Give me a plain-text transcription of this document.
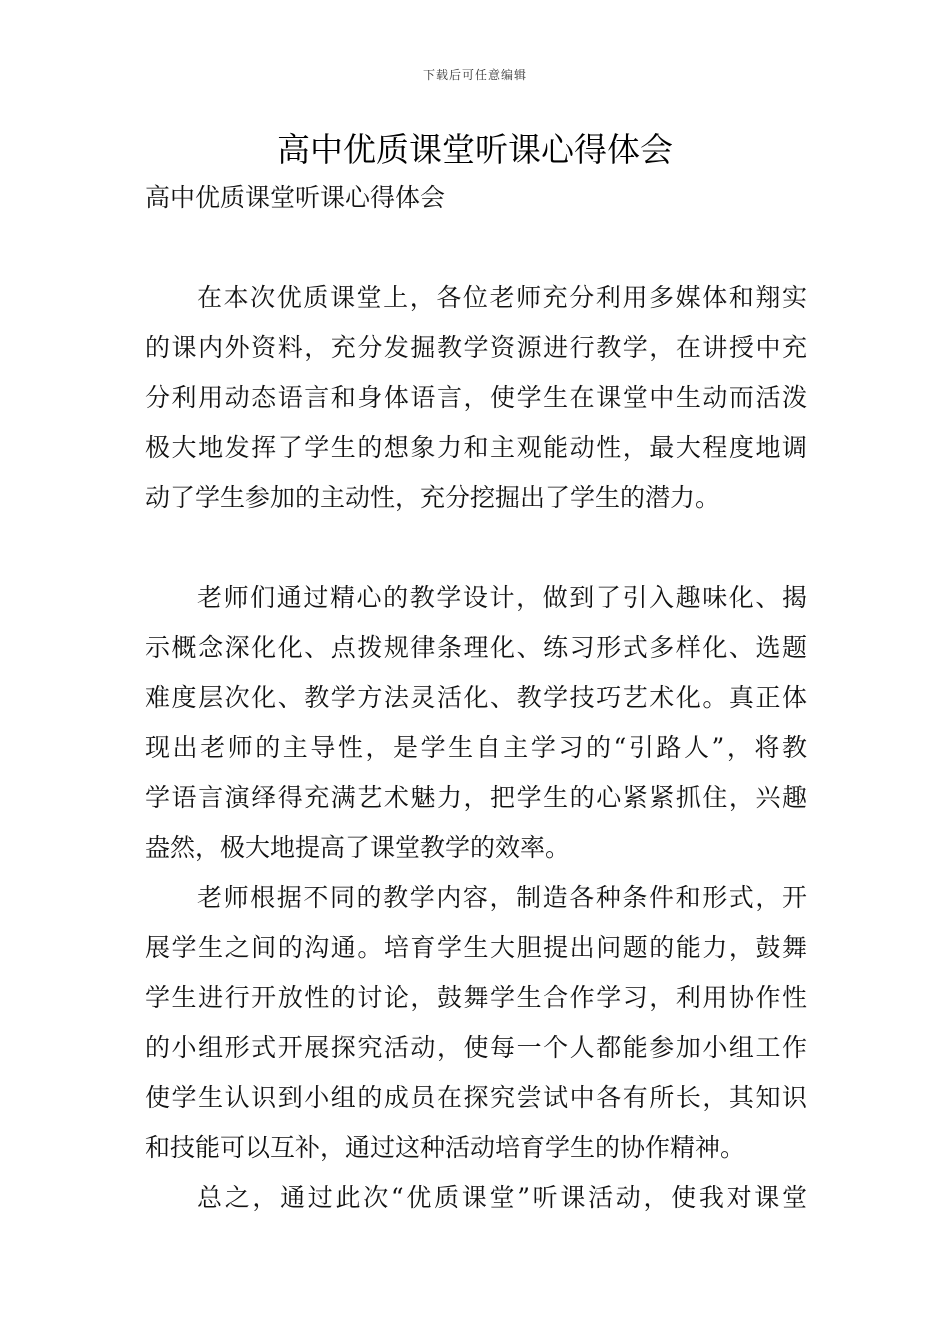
下载后可任意编辑
高中优质课堂听课心得体会
高中优质课堂听课心得体会
在本次优质课堂上，各位老师充分利用多媒体和翔实
的课内外资料，充分发掘教学资源进行教学，在讲授中充
分利用动态语言和身体语言，使学生在课堂中生动而活泼
极大地发挥了学生的想象力和主观能动性，最大程度地调
动了学生参加的主动性，充分挖掘出了学生的潜力。
老师们通过精心的教学设计，做到了引入趣味化、揭
示概念深化化、点拨规律条理化、练习形式多样化、选题
难度层次化、教学方法灵活化、教学技巧艺术化。真正体
现出老师的主导性，是学生自主学习的“引路人”，将教
学语言演绎得充满艺术魅力，把学生的心紧紧抓住，兴趣
盎然，极大地提高了课堂教学的效率。
老师根据不同的教学内容，制造各种条件和形式，开
展学生之间的沟通。培育学生大胆提出问题的能力，鼓舞
学生进行开放性的讨论，鼓舞学生合作学习，利用协作性
的小组形式开展探究活动，使每一个人都能参加小组工作
使学生认识到小组的成员在探究尝试中各有所长，其知识
和技能可以互补，通过这种活动培育学生的协作精神。
总之，通过此次“优质课堂”听课活动，使我对课堂
